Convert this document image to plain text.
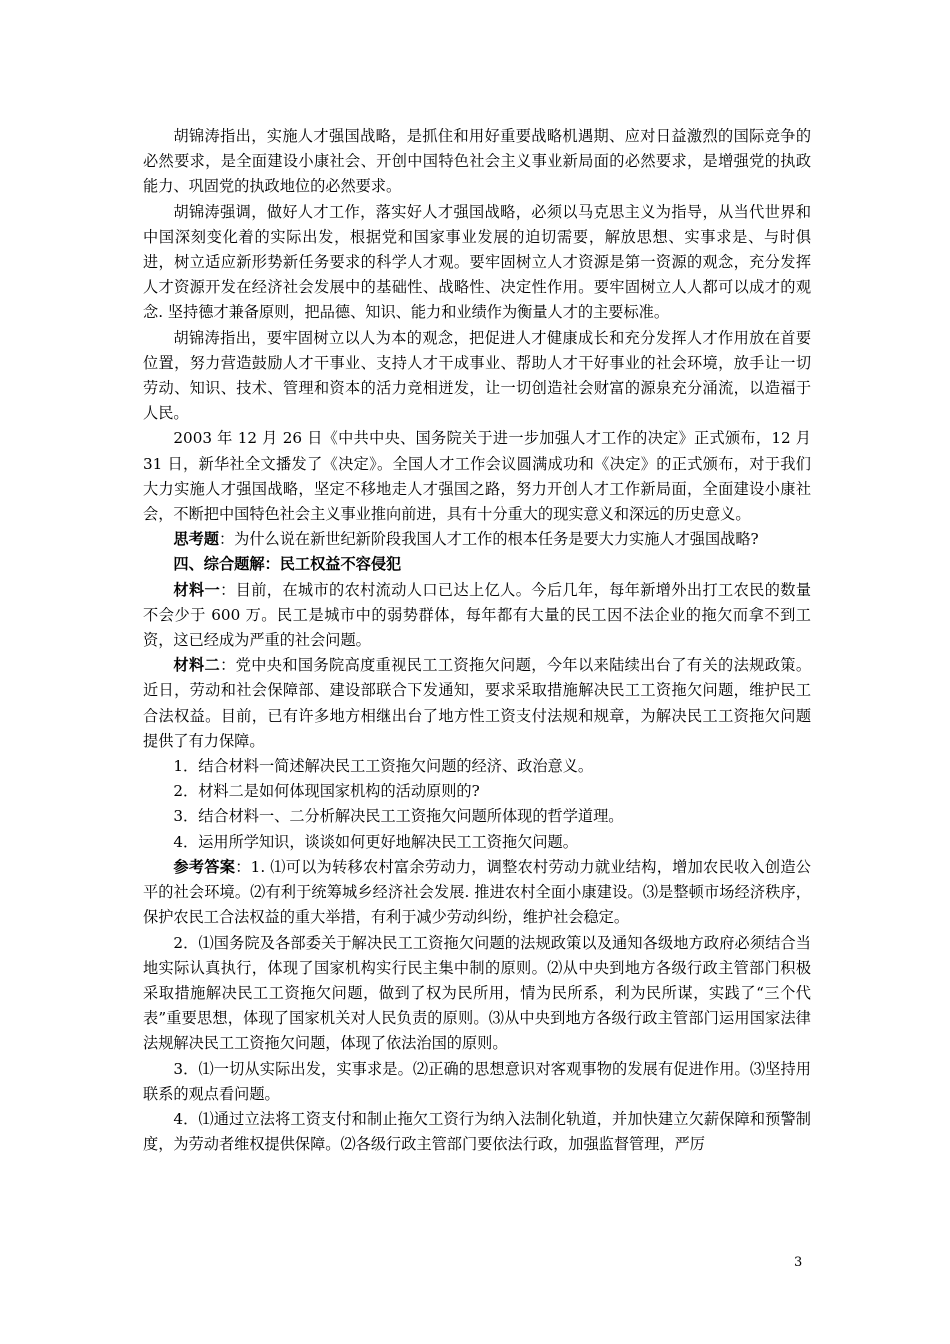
胡锦涛指出，实施人才强国战略，是抓住和用好重要战略机遇期、应对日益激烈的国际竞争的必然要求，是全面建设小康社会、开创中国特色社会主义事业新局面的必然要求，是增强党的执政能力、巩固党的执政地位的必然要求。

胡锦涛强调，做好人才工作，落实好人才强国战略，必须以马克思主义为指导，从当代世界和中国深刻变化着的实际出发，根据党和国家事业发展的迫切需要，解放思想、实事求是、与时俱进，树立适应新形势新任务要求的科学人才观。要牢固树立人才资源是第一资源的观念，充分发挥人才资源开发在经济社会发展中的基础性、战略性、决定性作用。要牢固树立人人都可以成才的观念. 坚持德才兼备原则，把品德、知识、能力和业绩作为衡量人才的主要标准。

胡锦涛指出，要牢固树立以人为本的观念，把促进人才健康成长和充分发挥人才作用放在首要位置，努力营造鼓励人才干事业、支持人才干成事业、帮助人才干好事业的社会环境，放手让一切劳动、知识、技术、管理和资本的活力竞相迸发，让一切创造社会财富的源泉充分涌流，以造福于人民。

2003 年 12 月 26 日《中共中央、国务院关于进一步加强人才工作的决定》正式颁布，12 月 31 日，新华社全文播发了《决定》。全国人才工作会议圆满成功和《决定》的正式颁布，对于我们大力实施人才强国战略，坚定不移地走人才强国之路，努力开创人才工作新局面，全面建设小康社会，不断把中国特色社会主义事业推向前进，具有十分重大的现实意义和深远的历史意义。

思考题：为什么说在新世纪新阶段我国人才工作的根本任务是要大力实施人才强国战略?

四、综合题解：民工权益不容侵犯

材料一：目前，在城市的农村流动人口已达上亿人。今后几年，每年新增外出打工农民的数量不会少于 600 万。民工是城市中的弱势群体，每年都有大量的民工因不法企业的拖欠而拿不到工资，这已经成为严重的社会问题。

材料二：党中央和国务院高度重视民工工资拖欠问题，今年以来陆续出台了有关的法规政策。近日，劳动和社会保障部、建设部联合下发通知，要求采取措施解决民工工资拖欠问题，维护民工合法权益。目前，已有许多地方相继出台了地方性工资支付法规和规章，为解决民工工资拖欠问题提供了有力保障。

1．结合材料一简述解决民工工资拖欠问题的经济、政治意义。

2．材料二是如何体现国家机构的活动原则的?

3．结合材料一、二分析解决民工工资拖欠问题所体现的哲学道理。

4．运用所学知识，谈谈如何更好地解决民工工资拖欠问题。

参考答案：1. ⑴可以为转移农村富余劳动力，调整农村劳动力就业结构，增加农民收入创造公平的社会环境。⑵有利于统筹城乡经济社会发展. 推进农村全面小康建设。⑶是整顿市场经济秩序，保护农民工合法权益的重大举措，有利于减少劳动纠纷，维护社会稳定。

2．⑴国务院及各部委关于解决民工工资拖欠问题的法规政策以及通知各级地方政府必须结合当地实际认真执行，体现了国家机构实行民主集中制的原则。⑵从中央到地方各级行政主管部门积极采取措施解决民工工资拖欠问题，做到了权为民所用，情为民所系，利为民所谋，实践了“三个代表”重要思想，体现了国家机关对人民负责的原则。⑶从中央到地方各级行政主管部门运用国家法律法规解决民工工资拖欠问题，体现了依法治国的原则。

3．⑴一切从实际出发，实事求是。⑵正确的思想意识对客观事物的发展有促进作用。⑶坚持用联系的观点看问题。

4．⑴通过立法将工资支付和制止拖欠工资行为纳入法制化轨道，并加快建立欠薪保障和预警制度，为劳动者维权提供保障。⑵各级行政主管部门要依法行政，加强监督管理，严厉

3
